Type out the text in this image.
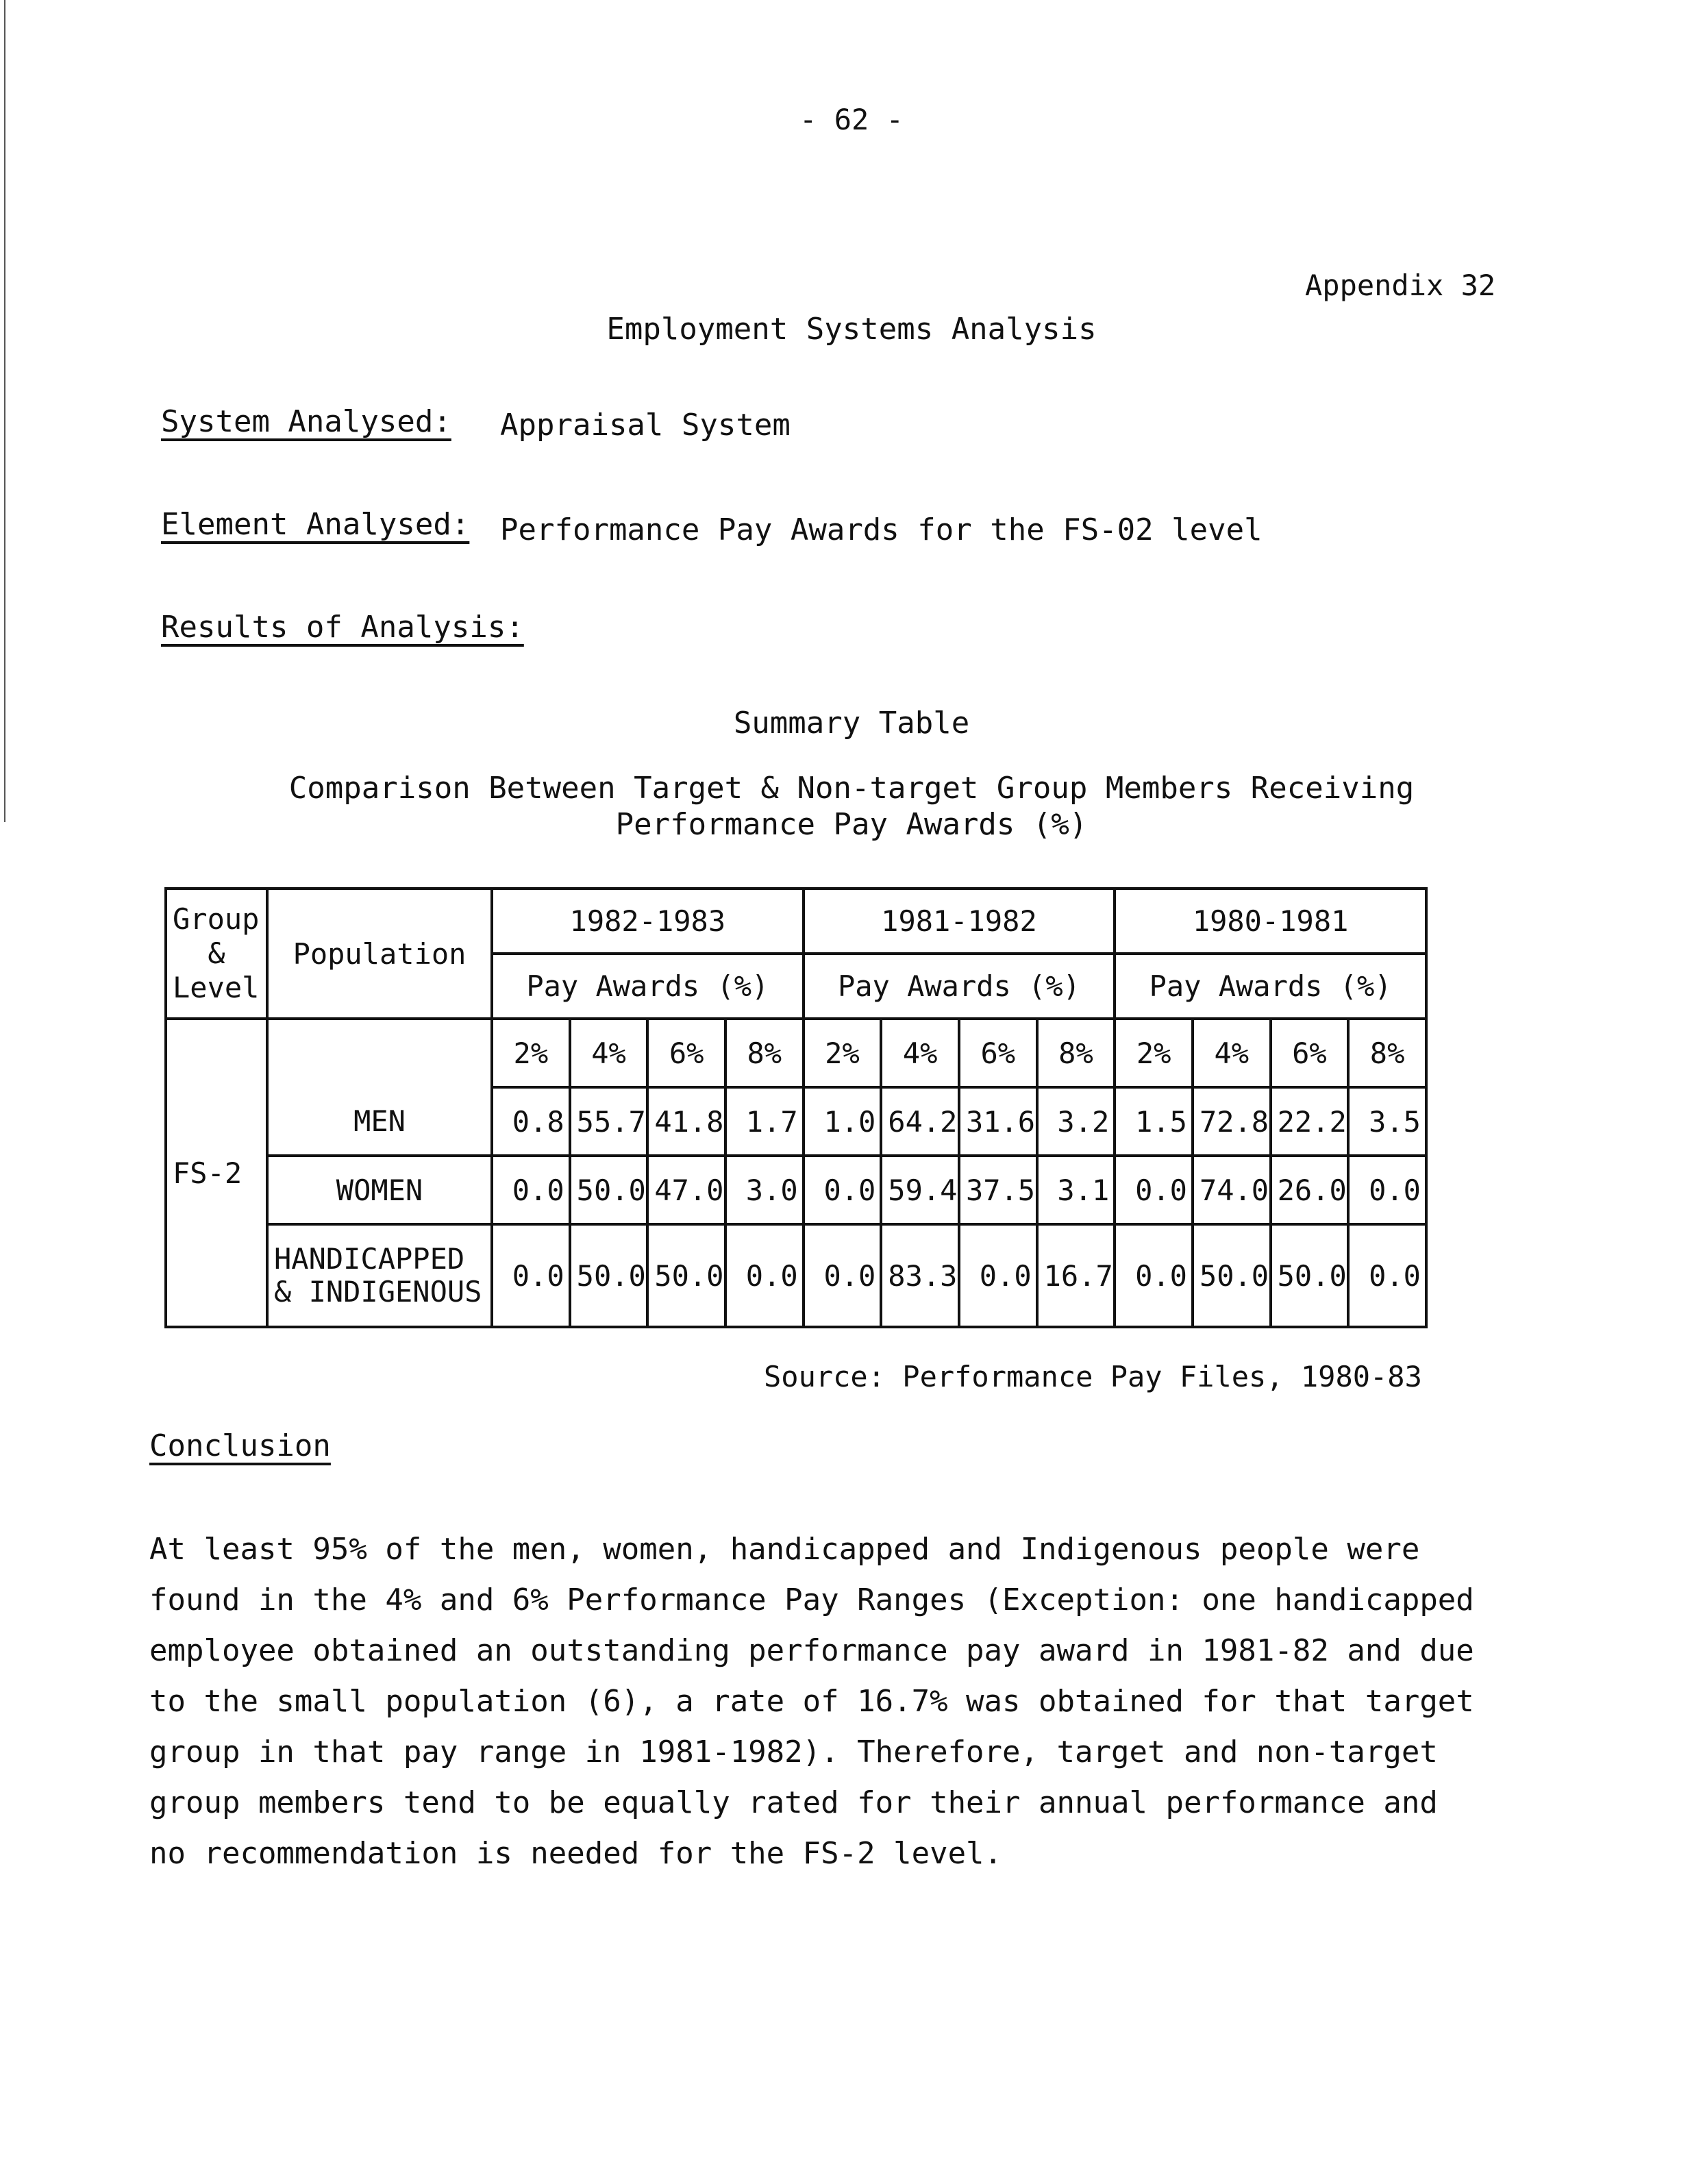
- 62 -
Appendix 32
Employment Systems Analysis
System Analysed: Appraisal System
Element Analysed: Performance Pay Awards for the FS-02 level
Results of Analysis:
Summary Table
Comparison Between Target & Non-target Group Members Receiving
Performance Pay Awards (%)
Group
&
Level	Population	1982-1983				1981-1982				1980-1981			
		Pay Awards (%)				Pay Awards (%)				Pay Awards (%)			
FS-2		2%	4%	6%	8%	2%	4%	6%	8%	2%	4%	6%	8%
	MEN	0.8	55.7	41.8	1.7	1.0	64.2	31.6	3.2	1.5	72.8	22.2	3.5
	WOMEN	0.0	50.0	47.0	3.0	0.0	59.4	37.5	3.1	0.0	74.0	26.0	0.0

	HANDICAPPED
& INDIGENOUS	0.0	50.0	50.0	0.0	0.0	83.3	0.0	16.7	0.0	50.0	50.0	0.0
Source: Performance Pay Files, 1980-83
Conclusion
At least 95% of the men, women, handicapped and Indigenous people were found in the 4% and 6% Performance Pay Ranges (Exception: one handicapped employee obtained an outstanding performance pay award in 1981-82 and due to the small population (6), a rate of 16.7% was obtained for that target group in that pay range in 1981-1982). Therefore, target and non-target group members tend to be equally rated for their annual performance and no recommendation is needed for the FS-2 level.
